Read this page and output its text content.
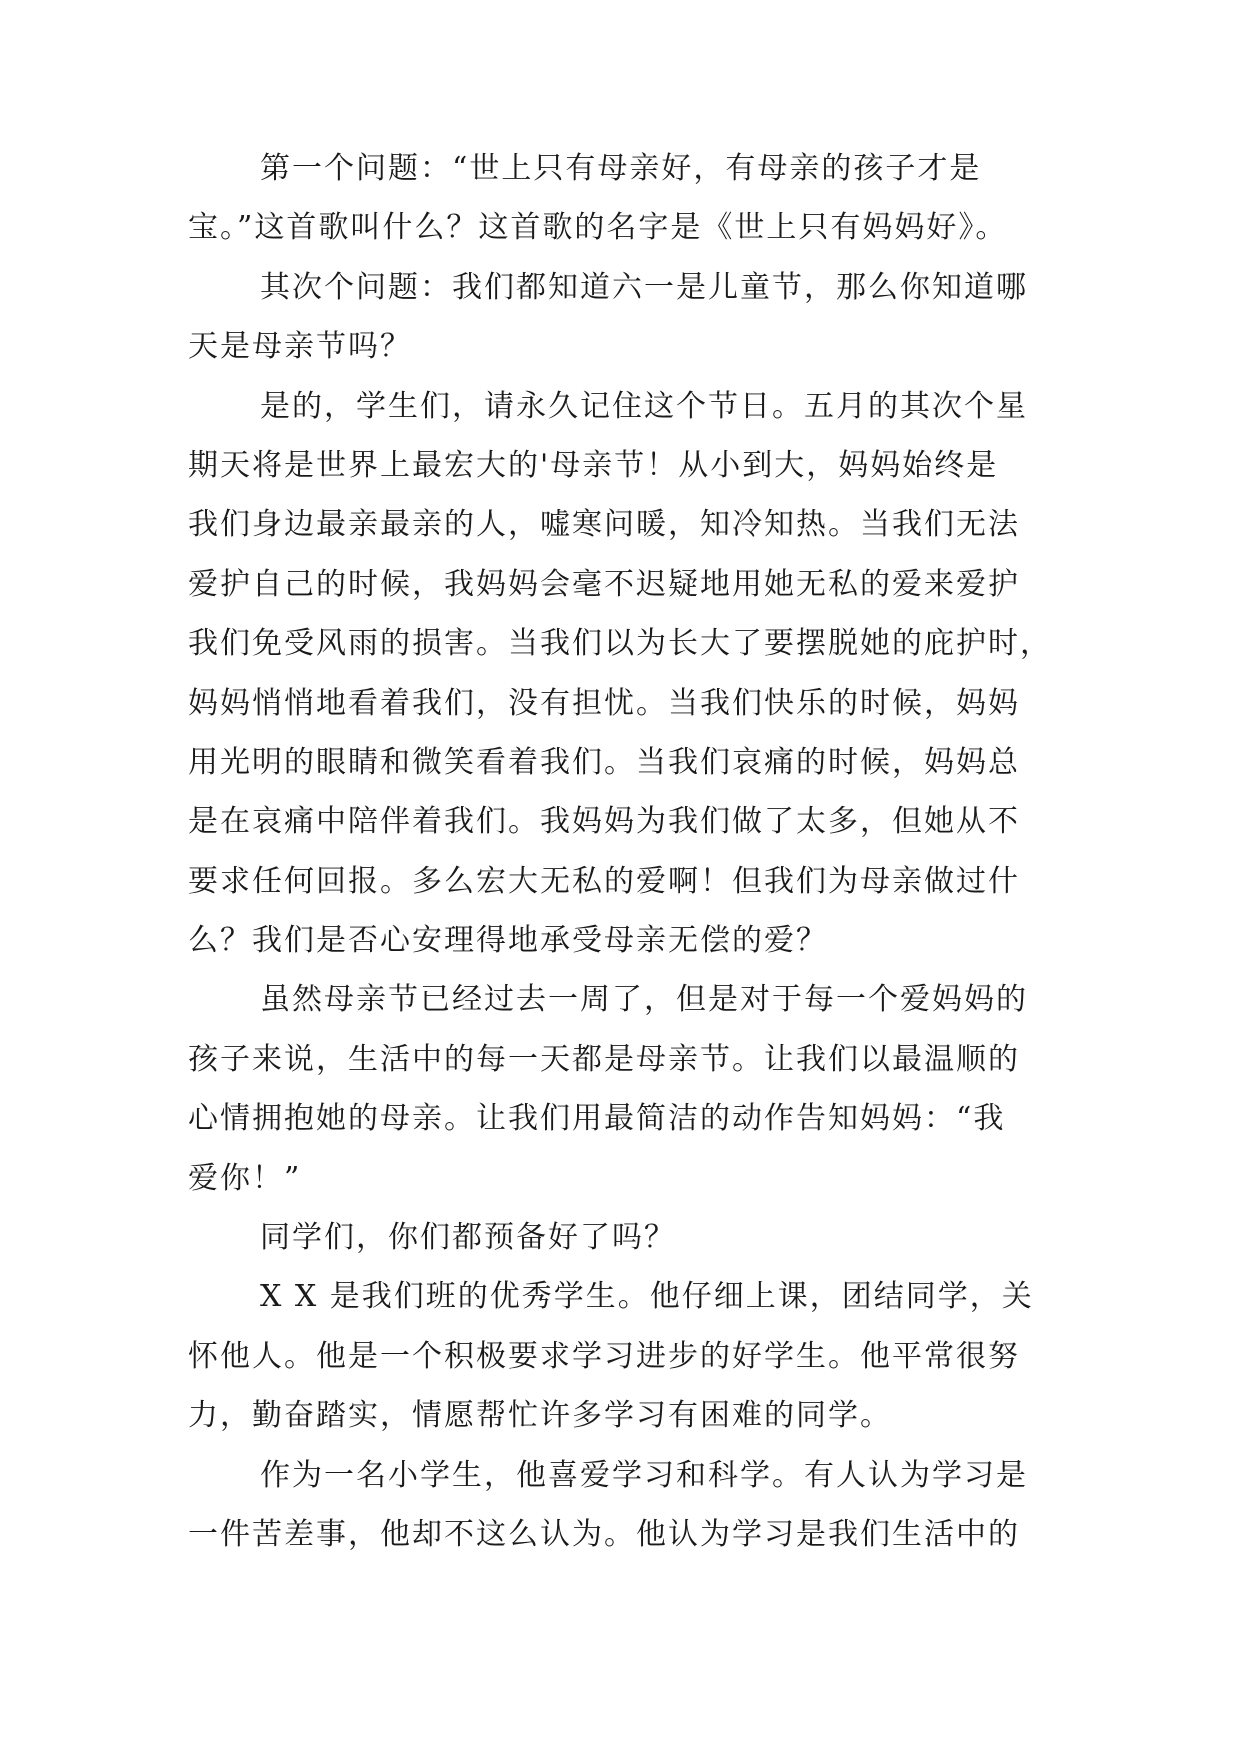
第一个问题：“世上只有母亲好，有母亲的孩子才是
宝。”这首歌叫什么？这首歌的名字是《世上只有妈妈好》。
其次个问题：我们都知道六一是儿童节，那么你知道哪
天是母亲节吗？
是的，学生们，请永久记住这个节日。五月的其次个星
期天将是世界上最宏大的'母亲节！从小到大，妈妈始终是
我们身边最亲最亲的人，嘘寒问暖，知冷知热。当我们无法
爱护自己的时候，我妈妈会毫不迟疑地用她无私的爱来爱护
我们免受风雨的损害。当我们以为长大了要摆脱她的庇护时，
妈妈悄悄地看着我们，没有担忧。当我们快乐的时候，妈妈
用光明的眼睛和微笑看着我们。当我们哀痛的时候，妈妈总
是在哀痛中陪伴着我们。我妈妈为我们做了太多，但她从不
要求任何回报。多么宏大无私的爱啊！但我们为母亲做过什
么？我们是否心安理得地承受母亲无偿的爱？
虽然母亲节已经过去一周了，但是对于每一个爱妈妈的
孩子来说，生活中的每一天都是母亲节。让我们以最温顺的
心情拥抱她的母亲。让我们用最简洁的动作告知妈妈：“我
爱你！”
同学们，你们都预备好了吗？
X X 是我们班的优秀学生。他仔细上课，团结同学，关
怀他人。他是一个积极要求学习进步的好学生。他平常很努
力，勤奋踏实，情愿帮忙许多学习有困难的同学。
作为一名小学生，他喜爱学习和科学。有人认为学习是
一件苦差事，他却不这么认为。他认为学习是我们生活中的
